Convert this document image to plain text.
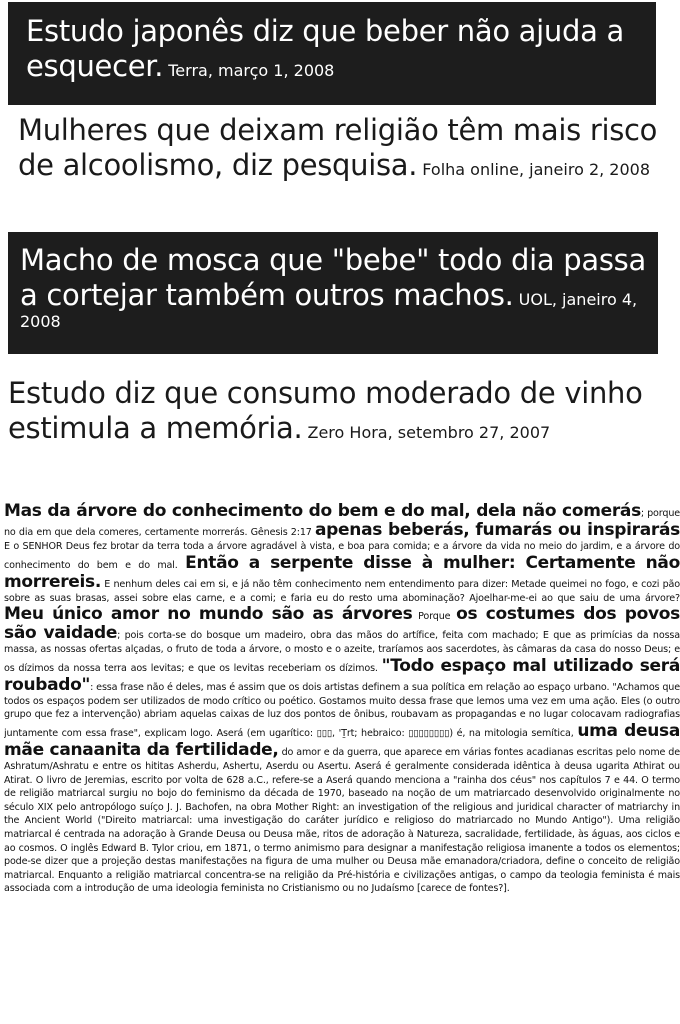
Estudo japonês diz que beber não ajuda a esquecer. Terra, março 1, 2008
Mulheres que deixam religião têm mais risco de alcoolismo, diz pesquisa. Folha online, janeiro 2, 2008
Macho de mosca que "bebe" todo dia passa a cortejar também outros machos. UOL, janeiro 4, 2008
Estudo diz que consumo moderado de vinho estimula a memória. Zero Hora, setembro 27, 2007
Mas da árvore do conhecimento do bem e do mal, dela não comerás; porque no dia em que dela comeres, certamente morrerás. Gênesis 2:17 apenas beberás, fumarás ou inspirarás E o SENHOR Deus fez brotar da terra toda a árvore agradável à vista, e boa para comida; e a árvore da vida no meio do jardim, e a árvore do conhecimento do bem e do mal. Então a serpente disse à mulher: Certamente não morrereis. E nenhum deles cai em si, e já não têm conhecimento nem entendimento para dizer: Metade queimei no fogo, e cozi pão sobre as suas brasas, assei sobre elas carne, e a comi; e faria eu do resto uma abominação? Ajoelhar-me-ei ao que saiu de uma árvore? Meu único amor no mundo são as árvores Porque os costumes dos povos são vaidade; pois corta-se do bosque um madeiro, obra das mãos do artífice, feita com machado; E que as primícias da nossa massa, as nossas ofertas alçadas, o fruto de toda a árvore, o mosto e o azeite, traríamos aos sacerdotes, às câmaras da casa do nosso Deus; e os dízimos da nossa terra aos levitas; e que os levitas receberiam os dízimos. "Todo espaço mal utilizado será roubado": essa frase não é deles, mas é assim que os dois artistas definem a sua política em relação ao espaço urbano. "Achamos que todos os espaços podem ser utilizados de modo crítico ou poético. Gostamos muito dessa frase que lemos uma vez em uma ação. Eles (o outro grupo que fez a intervenção) abriam aquelas caixas de luz dos pontos de ônibus, roubavam as propagandas e no lugar colocavam radiografias juntamente com essa frase", explicam logo. Aserá (em ugarítico: ▯▯▯, 'Ṯrt; hebraico: ▯▯▯▯▯▯▯▯) é, na mitologia semítica, uma deusa mãe canaanita da fertilidade, do amor e da guerra, que aparece em várias fontes acadianas escritas pelo nome de Ashratum/Ashratu e entre os hititas Asherdu, Ashertu, Aserdu ou Asertu. Aserá é geralmente considerada idêntica à deusa ugarita Athirat ou Atirat. O livro de Jeremias, escrito por volta de 628 a.C., refere-se a Aserá quando menciona a "rainha dos céus" nos capítulos 7 e 44. O termo de religião matriarcal surgiu no bojo do feminismo da década de 1970, baseado na noção de um matriarcado desenvolvido originalmente no século XIX pelo antropólogo suíço J. J. Bachofen, na obra Mother Right: an investigation of the religious and juridical character of matriarchy in the Ancient World ("Direito matriarcal: uma investigação do caráter jurídico e religioso do matriarcado no Mundo Antigo"). Uma religião matriarcal é centrada na adoração à Grande Deusa ou Deusa mãe, ritos de adoração à Natureza, sacralidade, fertilidade, às águas, aos ciclos e ao cosmos. O inglês Edward B. Tylor criou, em 1871, o termo animismo para designar a manifestação religiosa imanente a todos os elementos; pode-se dizer que a projeção destas manifestações na figura de uma mulher ou Deusa mãe emanadora/criadora, define o conceito de religião matriarcal. Enquanto a religião matriarcal concentra-se na religião da Pré-história e civilizações antigas, o campo da teologia feminista é mais associada com a introdução de uma ideologia feminista no Cristianismo ou no Judaísmo [carece de fontes?].
